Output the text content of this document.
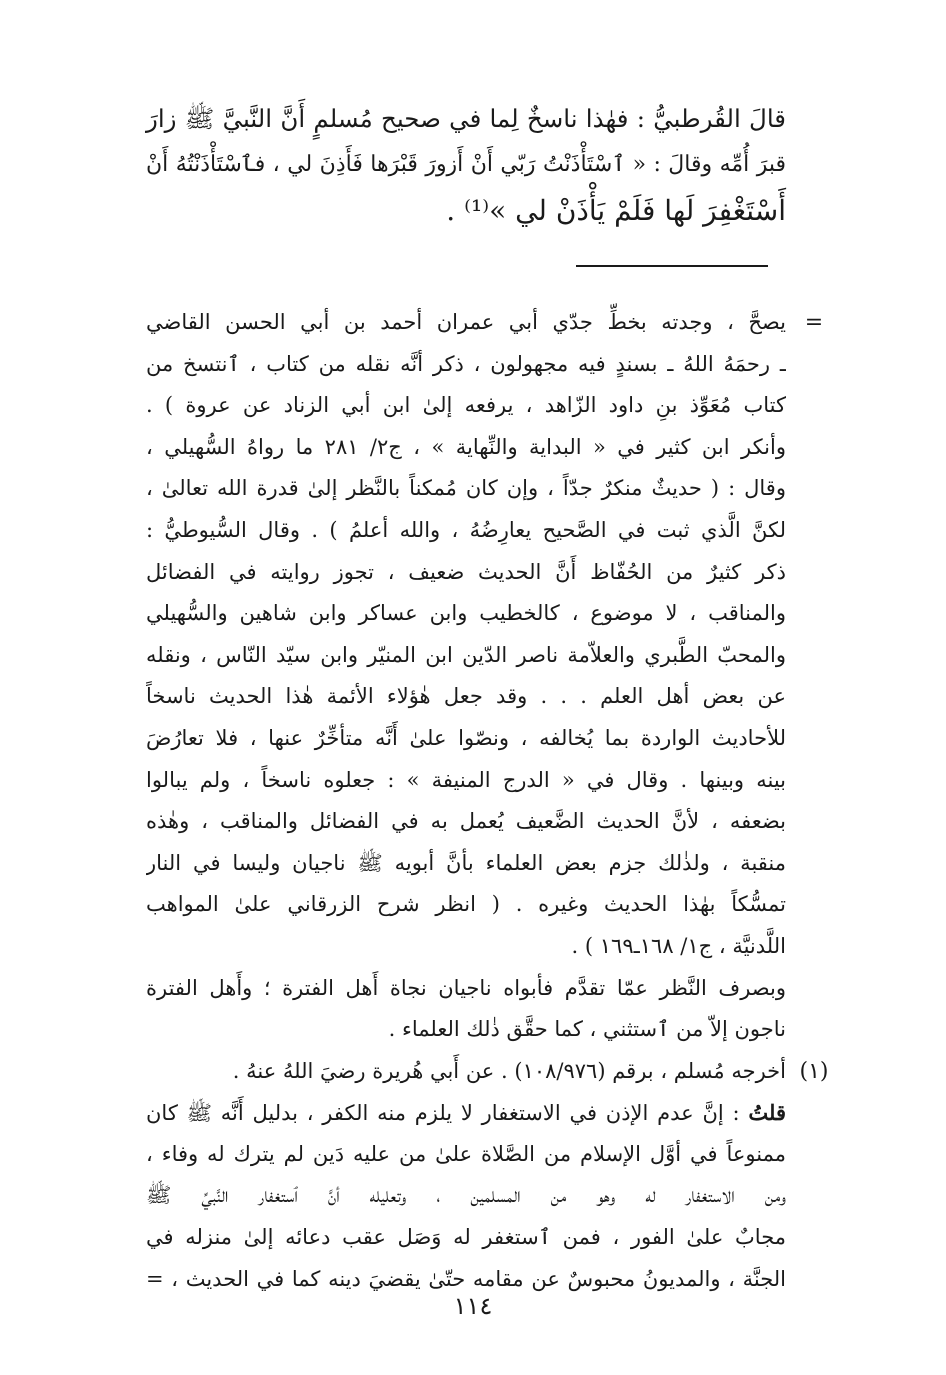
قالَ القُرطبيُّ : فهٰذا ناسخٌ لِما في صحيح مُسلمٍ أَنَّ النَّبيَّ ﷺ زارَ
قبرَ أُمِّه وقالَ : « ٱسْتَأْذَنْتُ رَبّي أَنْ أَزورَ قَبْرَها فَأَذِنَ لي ، فٱسْتَأْذَنْتُهُ أَنْ
أَسْتَغْفِرَ لَها فَلَمْ يَأْذَنْ لي »⁽¹⁾ .
=
يصحَّ ، وجدته بخطِّ جدّي أبي عمران أحمد بن أبي الحسن القاضي
ـ رحمَهُ اللهُ ـ بسندٍ فيه مجهولون ، ذكر أنَّه نقله من كتاب ، ٱنتسخ من
كتاب مُعَوِّذ بنِ داود الزّاهد ، يرفعه إلىٰ ابن أبي الزناد عن عروة ) .
وأنكر ابن كثير في « البداية والنِّهاية » ، ج٢/ ٢٨١ ما رواهُ السُّهيلي ،
وقال : ( حديثٌ منكرٌ جدّاً ، وإن كان مُمكناً بالنَّظر إلىٰ قدرة الله تعالىٰ ،
لكنَّ الَّذي ثبت في الصَّحيح يعارِضُهُ ، والله أعلمُ ) . وقال السُّيوطيُّ :
ذكر كثيرٌ من الحُفّاظ أَنَّ الحديث ضعيف ، تجوز روايته في الفضائل
والمناقب ، لا موضوع ، كالخطيب وابن عساكر وابن شاهين والسُّهيلي
والمحبّ الطَّبري والعلاّمة ناصر الدّين ابن المنيّر وابن سيّد النّاس ، ونقله
عن بعض أهل العلم . . . وقد جعل هٰؤلاء الأئمة هٰذا الحديث ناسخاً
للأحاديث الواردة بما يُخالفه ، ونصّوا علىٰ أَنَّه متأخِّرٌ عنها ، فلا تعارُضَ
بينه وبينها . وقال في « الدرج المنيفة » : جعلوه ناسخاً ، ولم يبالوا
بضعفه ، لأنَّ الحديث الضَّعيف يُعمل به في الفضائل والمناقب ، وهٰذه
منقبة ، ولذٰلك جزم بعض العلماء بأنَّ أبويه ﷺ ناجيان وليسا في النار
تمسُّكاً بهٰذا الحديث وغيره . ( انظر شرح الزرقاني علىٰ المواهب
اللَّدنيَّة ، ج١/ ١٦٨ـ١٦٩ ) .
وبصرف النَّظر عمّا تقدَّم فأبواه ناجيان نجاة أَهل الفترة ؛ وأَهل الفترة
ناجون إلاّ من ٱستثني ، كما حقَّق ذٰلك العلماء .
(١)
أخرجه مُسلم ، برقم (١٠٨/٩٧٦) . عن أَبي هُريرة رضيَ اللهُ عنهُ .
قلتُ : إنَّ عدم الإذن في الاستغفار لا يلزم منه الكفر ، بدليل أَنَّه ﷺ كان
ممنوعاً في أوَّل الإسلام من الصَّلاة علىٰ من عليه دَين لم يترك له وفاء ،
ومن الاستغفار له وهو من المسلمين ، وتعليله أنَّ ٱستغفار النَّبيِّ ﷺ
مجابٌ علىٰ الفور ، فمن ٱستغفر له وَصَل عقب دعائه إلىٰ منزله في
الجنَّة ، والمديونُ محبوسٌ عن مقامه حتّىٰ يقضيَ دينه كما في الحديث ، =
١١٤
